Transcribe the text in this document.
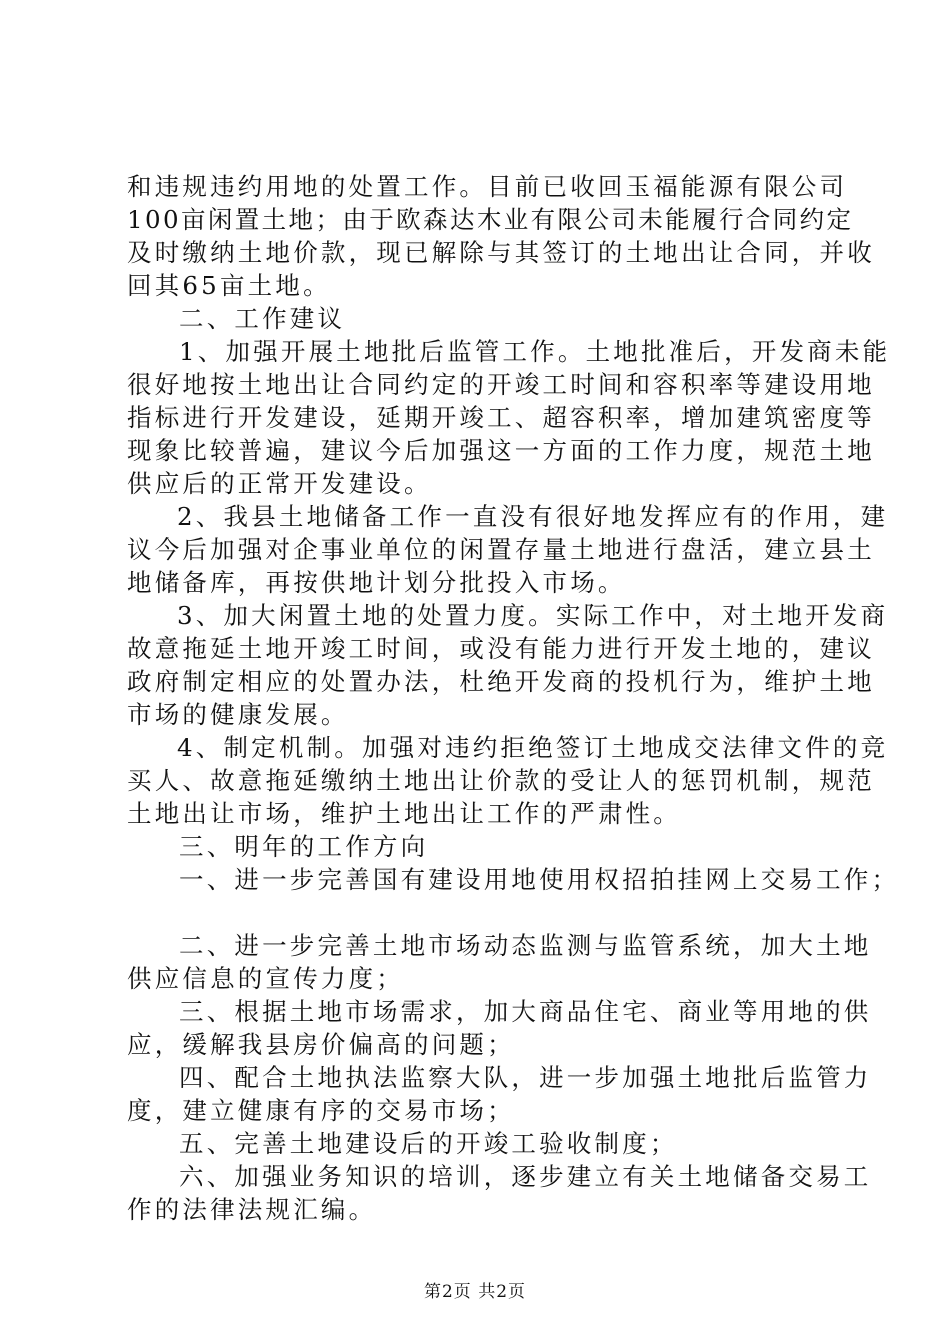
和违规违约用地的处置工作。目前已收回玉福能源有限公司
100亩闲置土地；由于欧森达木业有限公司未能履行合同约定
及时缴纳土地价款，现已解除与其签订的土地出让合同，并收
回其65亩土地。
二、工作建议
1、加强开展土地批后监管工作。土地批准后，开发商未能
很好地按土地出让合同约定的开竣工时间和容积率等建设用地
指标进行开发建设，延期开竣工、超容积率，增加建筑密度等
现象比较普遍，建议今后加强这一方面的工作力度，规范土地
供应后的正常开发建设。
2、我县土地储备工作一直没有很好地发挥应有的作用，建
议今后加强对企事业单位的闲置存量土地进行盘活，建立县土
地储备库，再按供地计划分批投入市场。
3、加大闲置土地的处置力度。实际工作中，对土地开发商
故意拖延土地开竣工时间，或没有能力进行开发土地的，建议
政府制定相应的处置办法，杜绝开发商的投机行为，维护土地
市场的健康发展。
4、制定机制。加强对违约拒绝签订土地成交法律文件的竞
买人、故意拖延缴纳土地出让价款的受让人的惩罚机制，规范
土地出让市场，维护土地出让工作的严肃性。
三、明年的工作方向
一、进一步完善国有建设用地使用权招拍挂网上交易工作；
二、进一步完善土地市场动态监测与监管系统，加大土地
供应信息的宣传力度；
三、根据土地市场需求，加大商品住宅、商业等用地的供
应，缓解我县房价偏高的问题；
四、配合土地执法监察大队，进一步加强土地批后监管力
度，建立健康有序的交易市场；
五、完善土地建设后的开竣工验收制度；
六、加强业务知识的培训，逐步建立有关土地储备交易工
作的法律法规汇编。
第2页 共2页
